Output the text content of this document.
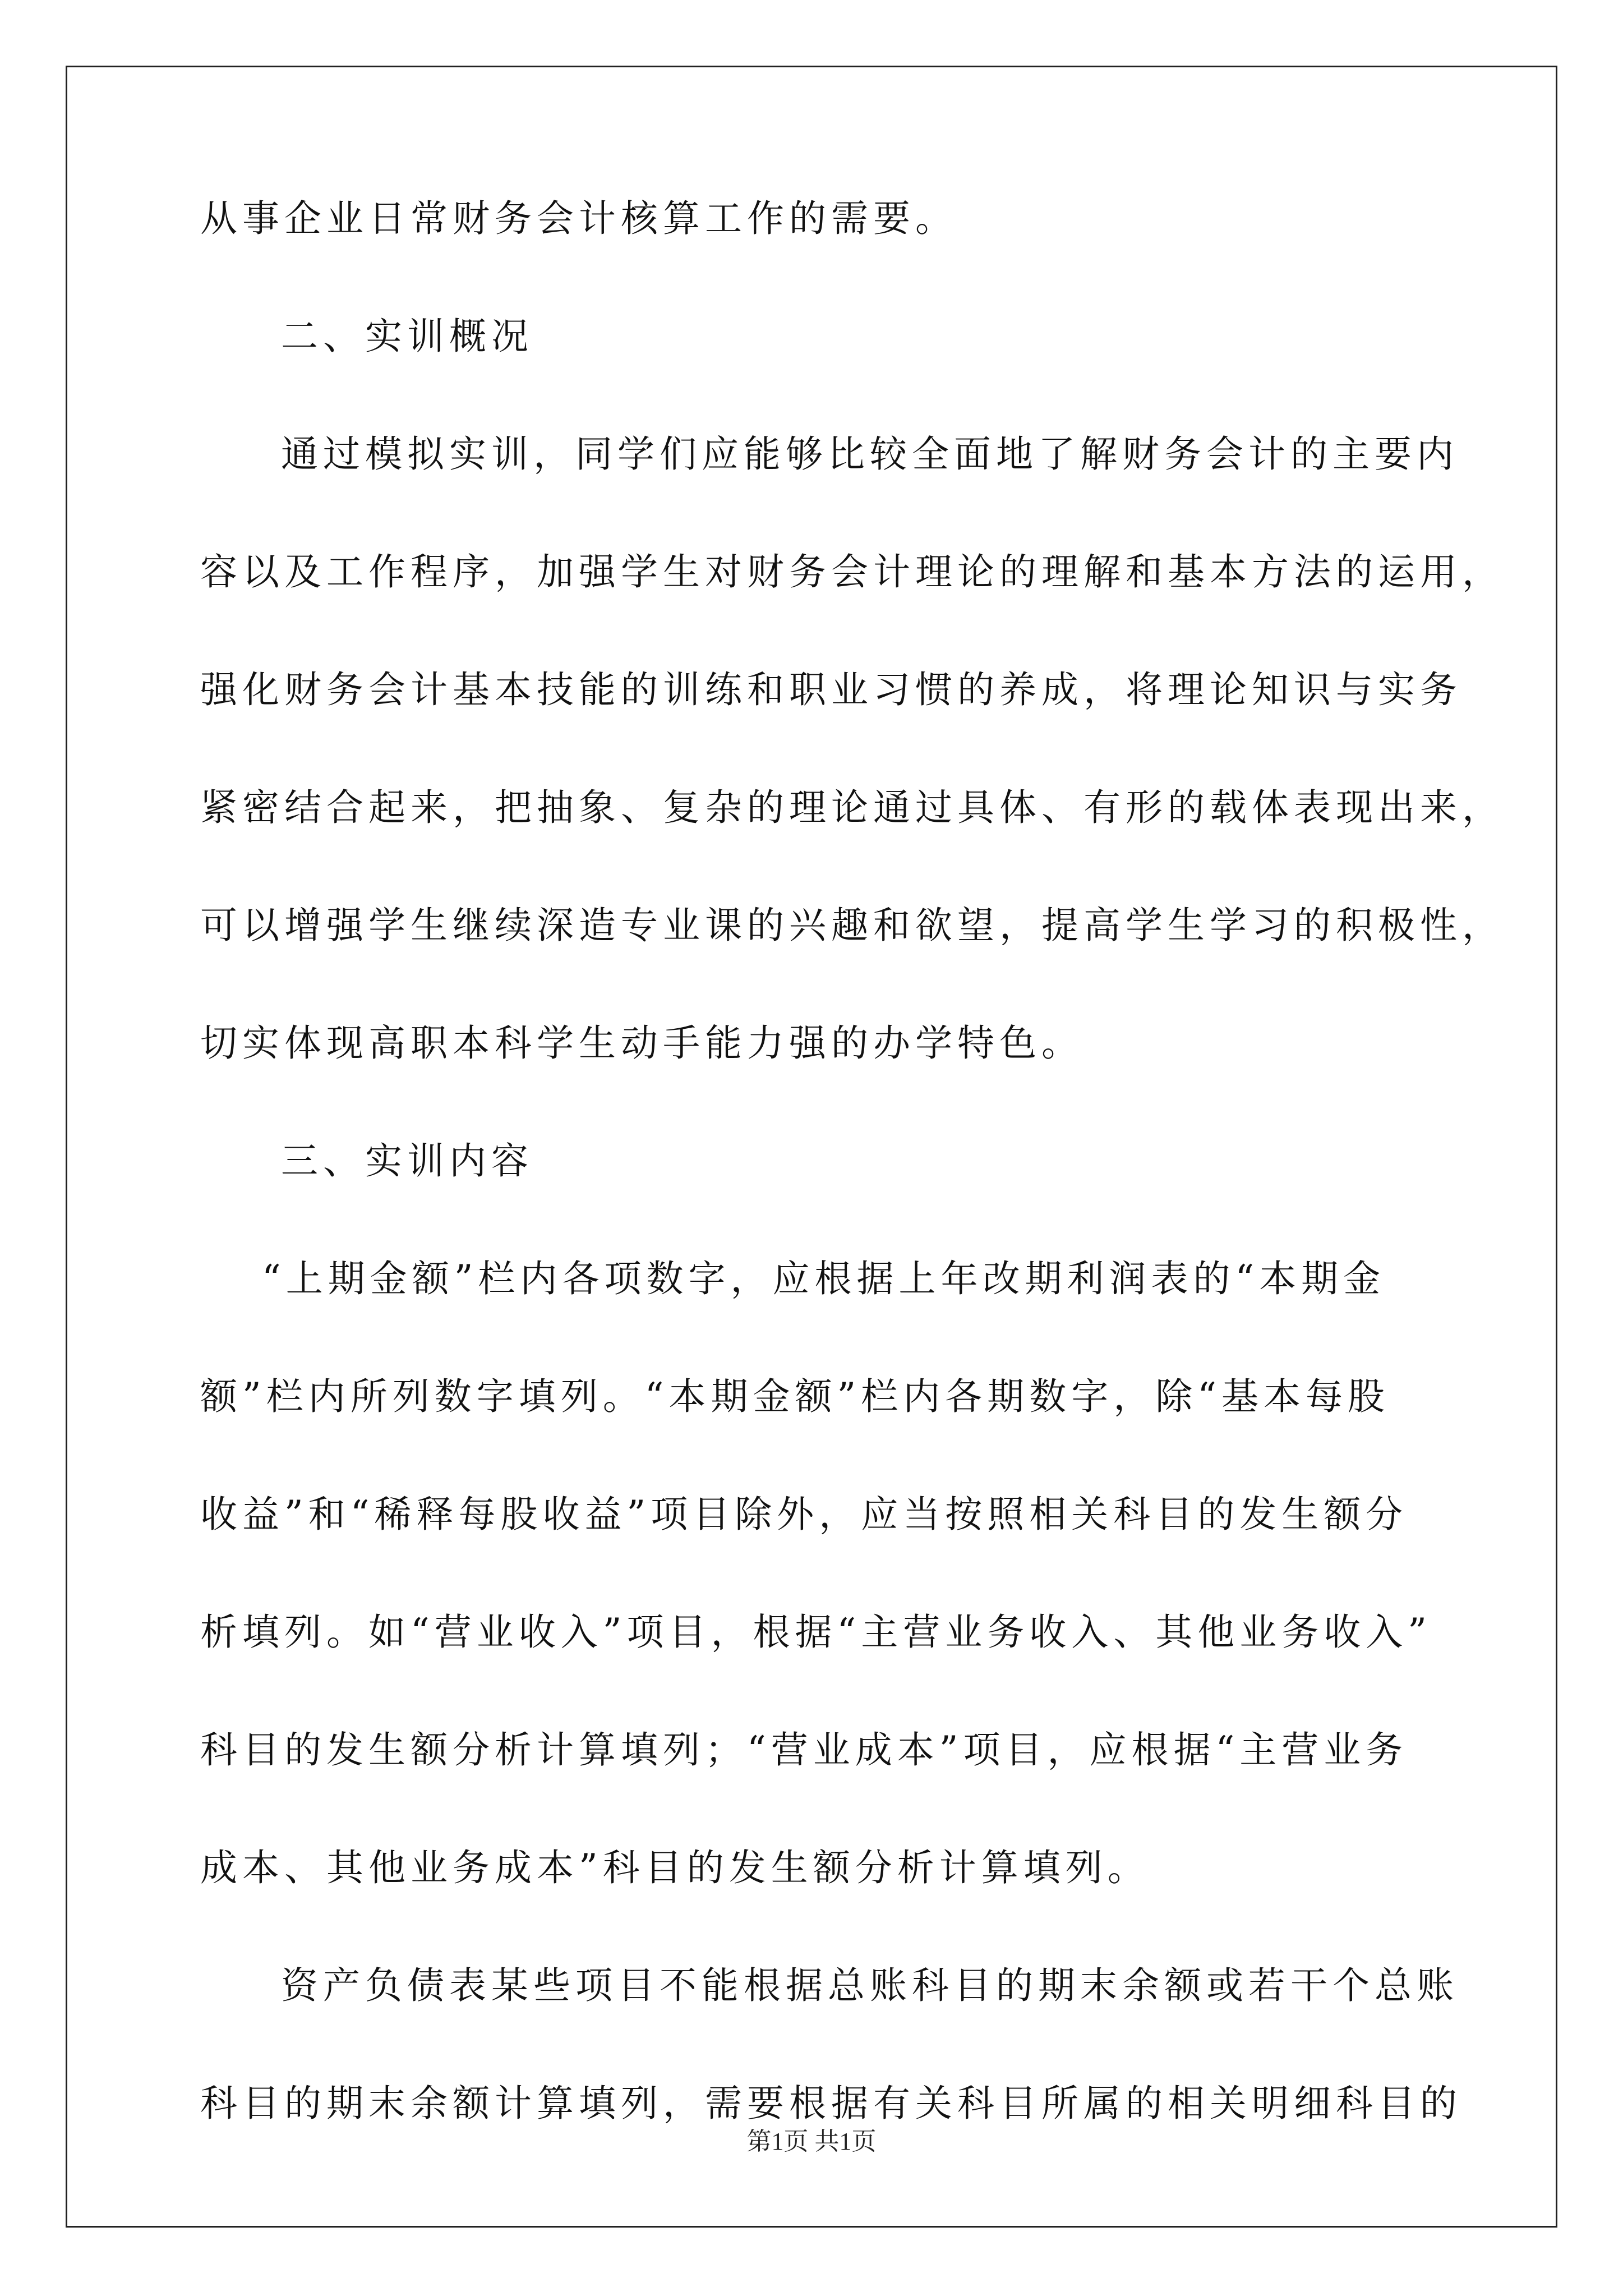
从事企业日常财务会计核算工作的需要。
二、实训概况
通过模拟实训，同学们应能够比较全面地了解财务会计的主要内
容以及工作程序，加强学生对财务会计理论的理解和基本方法的运用，
强化财务会计基本技能的训练和职业习惯的养成，将理论知识与实务
紧密结合起来，把抽象、复杂的理论通过具体、有形的载体表现出来，
可以增强学生继续深造专业课的兴趣和欲望，提高学生学习的积极性，
切实体现高职本科学生动手能力强的办学特色。
三、实训内容
“上期金额”栏内各项数字，应根据上年改期利润表的“本期金
额”栏内所列数字填列。“本期金额”栏内各期数字，除“基本每股
收益”和“稀释每股收益”项目除外，应当按照相关科目的发生额分
析填列。如“营业收入”项目，根据“主营业务收入、其他业务收入”
科目的发生额分析计算填列；“营业成本”项目，应根据“主营业务
成本、其他业务成本”科目的发生额分析计算填列。
资产负债表某些项目不能根据总账科目的期末余额或若干个总账
科目的期末余额计算填列，需要根据有关科目所属的相关明细科目的
第1页 共1页
